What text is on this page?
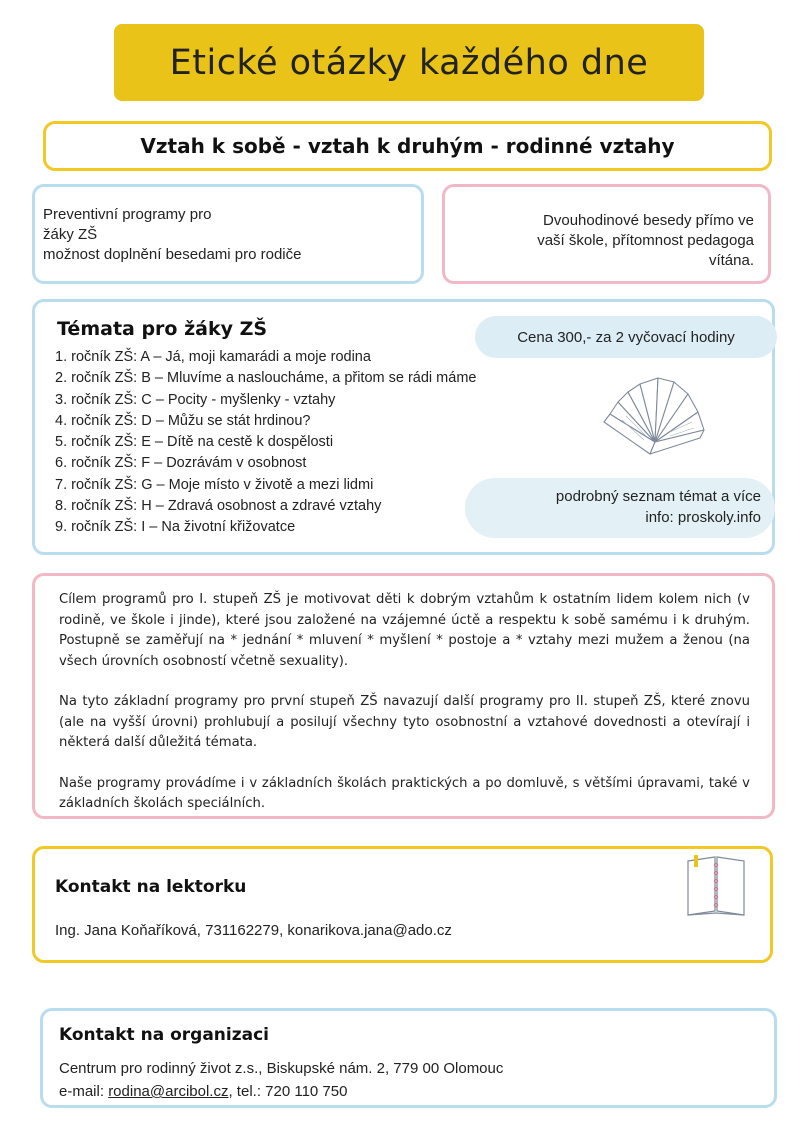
Etické otázky každého dne
Vztah k sobě - vztah k druhým - rodinné vztahy
Preventivní programy pro
žáky ZŠ
možnost doplnění besedami pro rodiče
Dvouhodinové besedy přímo ve
vaší škole, přítomnost pedagoga
vítána.
Témata pro žáky ZŠ
1. ročník ZŠ: A – Já, moji kamarádi a moje rodina
2. ročník ZŠ: B – Mluvíme a nasloucháme, a přitom se rádi máme
3. ročník ZŠ: C – Pocity - myšlenky - vztahy
4. ročník ZŠ: D – Můžu se stát hrdinou?
5. ročník ZŠ: E – Dítě na cestě k dospělosti
6. ročník ZŠ: F – Dozrávám v osobnost
7. ročník ZŠ: G – Moje místo v životě a mezi lidmi
8. ročník ZŠ: H – Zdravá osobnost a zdravé vztahy
9. ročník ZŠ: I – Na životní křižovatce
Cena 300,- za 2 vyčovací hodiny
podrobný seznam témat a více
info: proskoly.info

Cílem programů pro I. stupeň ZŠ je motivovat děti k dobrým vztahům k ostatním lidem kolem nich (v rodině, ve škole i jinde), které jsou založené na vzájemné úctě a respektu k sobě samému i k druhým. Postupně se zaměřují na * jednání * mluvení * myšlení * postoje a * vztahy mezi mužem a ženou (na všech úrovních osobností včetně sexuality).

Na tyto základní programy pro první stupeň ZŠ navazují další programy pro II. stupeň ZŠ, které znovu (ale na vyšší úrovni) prohlubují a posilují všechny tyto osobnostní a vztahové dovednosti a otevírají i některá další důležitá témata.

Naše programy provádíme i v základních školách praktických a po domluvě, s většími úpravami, také v základních školách speciálních.

Kontakt na lektorku
Ing. Jana Koňaříková, 731162279, konarikova.jana@ado.cz
Kontakt na organizaci
Centrum pro rodinný život z.s., Biskupské nám. 2, 779 00 Olomouc
e-mail: rodina@arcibol.cz, tel.: 720 110 750
